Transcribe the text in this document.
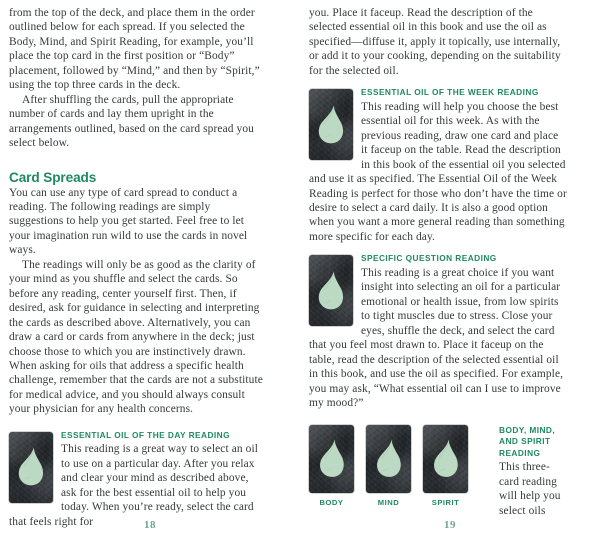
from the top of the deck, and place them in the order outlined below for each spread. If you selected the Body, Mind, and Spirit Reading, for example, you’ll place the top card in the first position or “Body” placement, followed by “Mind,” and then by “Spirit,” using the top three cards in the deck.

After shuffling the cards, pull the appropriate number of cards and lay them upright in the arrangements outlined, based on the card spread you select below.

Card Spreads

You can use any type of card spread to conduct a reading. The following readings are simply suggestions to help you get started. Feel free to let your imagination run wild to use the cards in novel ways.

The readings will only be as good as the clarity of your mind as you shuffle and select the cards. So before any reading, center yourself first. Then, if desired, ask for guidance in selecting and interpreting the cards as described above. Alternatively, you can draw a card or cards from anywhere in the deck; just choose those to which you are instinctively drawn. When asking for oils that address a specific health challenge, remember that the cards are not a substitute for medical advice, and you should always consult your physician for any health concerns.

ESSENTIAL OIL OF THE DAY READING

This reading is a great way to select an oil to use on a particular day. After you relax and clear your mind as described above, ask for the best essential oil to help you today. When you’re ready, select the card that feels right for	18

you. Place it faceup. Read the description of the selected essential oil in this book and use the oil as specified—diffuse it, apply it topically, use internally, or add it to your cooking, depending on the suitability for the selected oil.

ESSENTIAL OIL OF THE WEEK READING

This reading will help you choose the best essential oil for this week. As with the previous reading, draw one card and place it faceup on the table. Read the description in this book of the essential oil you selected and use it as specified. The Essential Oil of the Week Reading is perfect for those who don’t have the time or desire to select a card daily. It is also a good option when you want a more general reading than something more specific for each day.

SPECIFIC QUESTION READING

This reading is a great choice if you want insight into selecting an oil for a particular emotional or health issue, from low spirits to tight muscles due to stress. Close your eyes, shuffle the deck, and select the card that you feel most drawn to. Place it faceup on the table, read the description of the selected essential oil in this book, and use the oil as specified. For example, you may ask, “What essential oil can I use to improve my mood?”

BODY	MIND	SPIRIT
BODY, MIND, AND SPIRIT READING

This three-card reading will help you select oils

19
